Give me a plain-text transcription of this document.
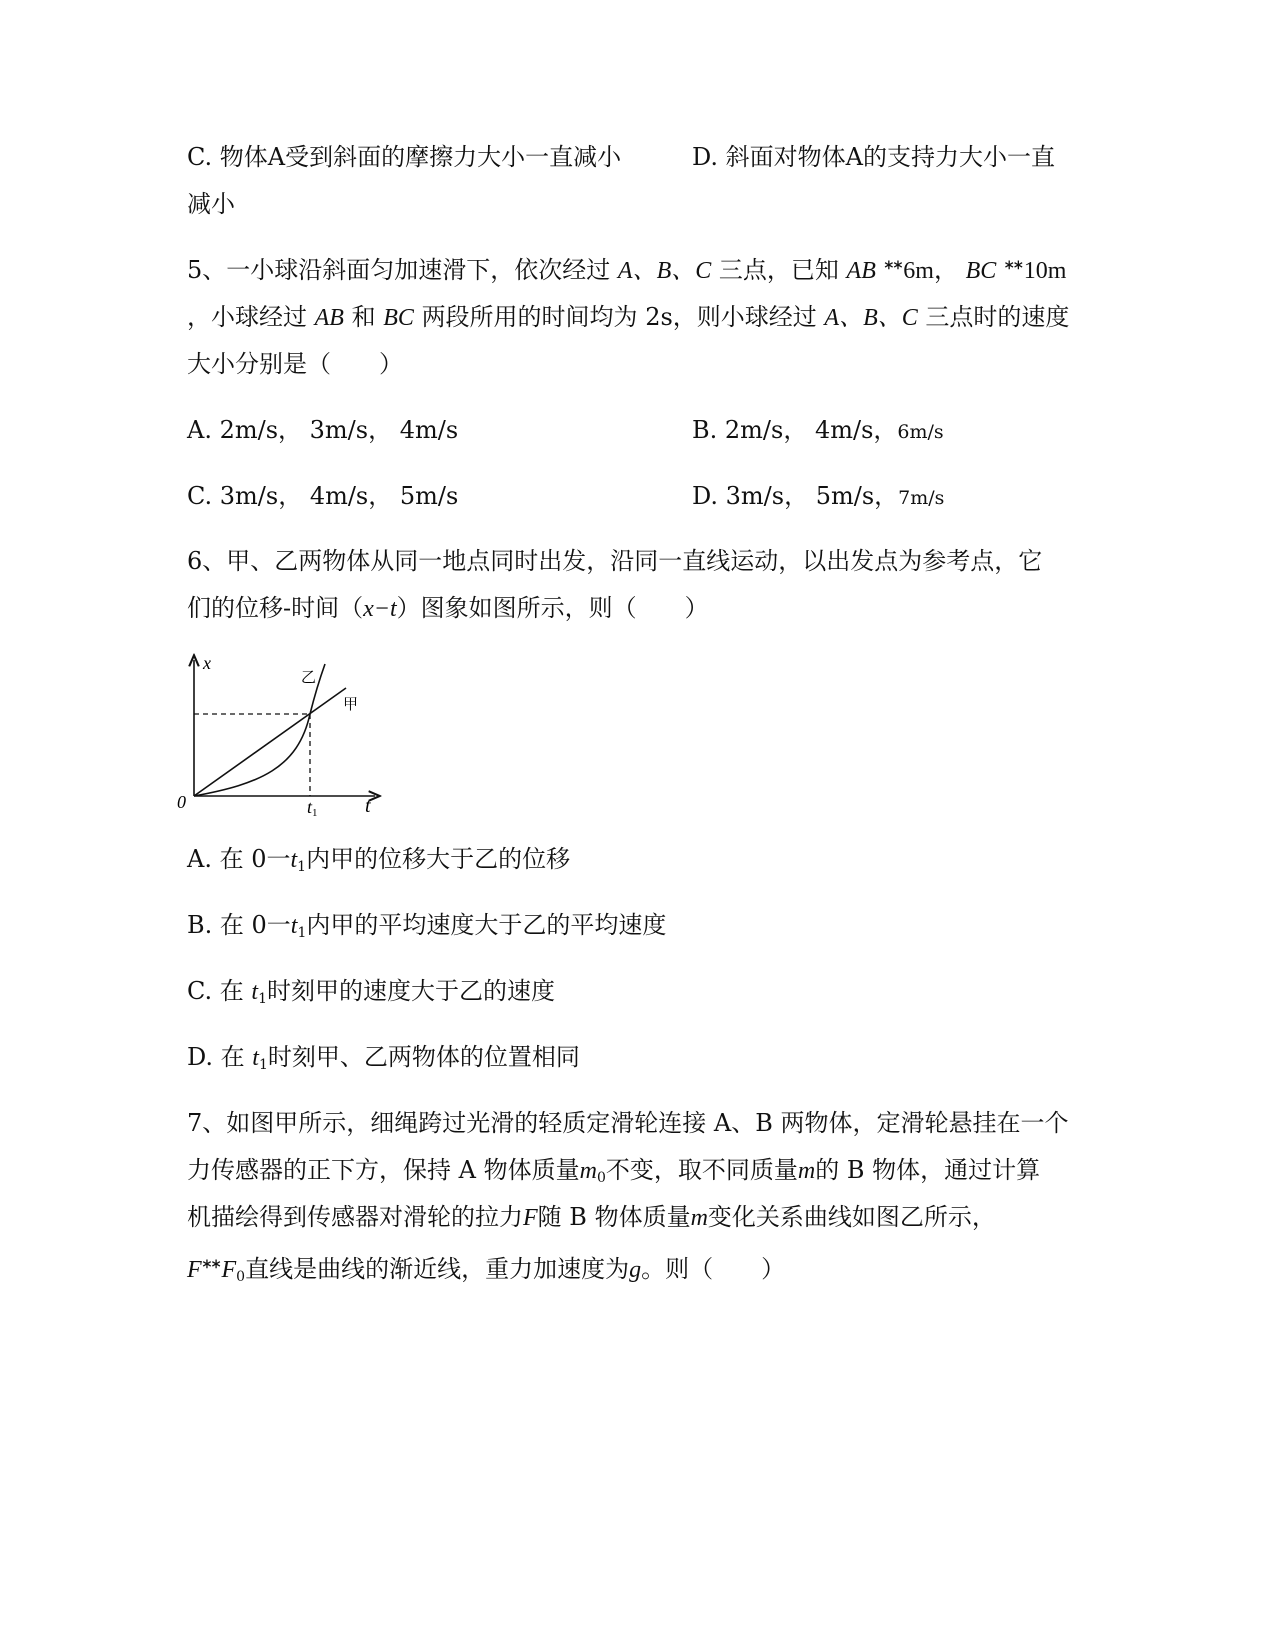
C. 物体A受到斜面的摩擦力大小一直减小	D. 斜面对物体A的支持力大小一直
减小
5、一小球沿斜面匀加速滑下，依次经过 A、B、C 三点，已知 AB ᕯ6m， BC ᕯ10m
，小球经过 AB 和 BC 两段所用的时间均为 2s，则小球经过 A、B、C 三点时的速度
大小分别是（　　）
A. 2m/s， 3m/s， 4m/s	B. 2m/s， 4m/s，6m/s
C. 3m/s， 4m/s， 5m/s	D. 3m/s， 5m/s，7m/s
6、甲、乙两物体从同一地点同时出发，沿同一直线运动，以出发点为参考点，它
们的位移-时间（x−t）图象如图所示，则（　　）
x
t
0	t1
乙
甲
A. 在 0一$t_1$内甲的位移大于乙的位移
B. 在 0一$t_1$内甲的平均速度大于乙的平均速度
C. 在 $t_1$时刻甲的速度大于乙的速度
D. 在 $t_1$时刻甲、乙两物体的位置相同
7、如图甲所示，细绳跨过光滑的轻质定滑轮连接 A、B 两物体，定滑轮悬挂在一个
力传感器的正下方，保持 A 物体质量$m_0$不变，取不同质量m的 B 物体，通过计算
机描绘得到传感器对滑轮的拉力F随 B 物体质量m变化关系曲线如图乙所示，
FᕯF$_0$直线是曲线的渐近线，重力加速度为g。则（　　）
